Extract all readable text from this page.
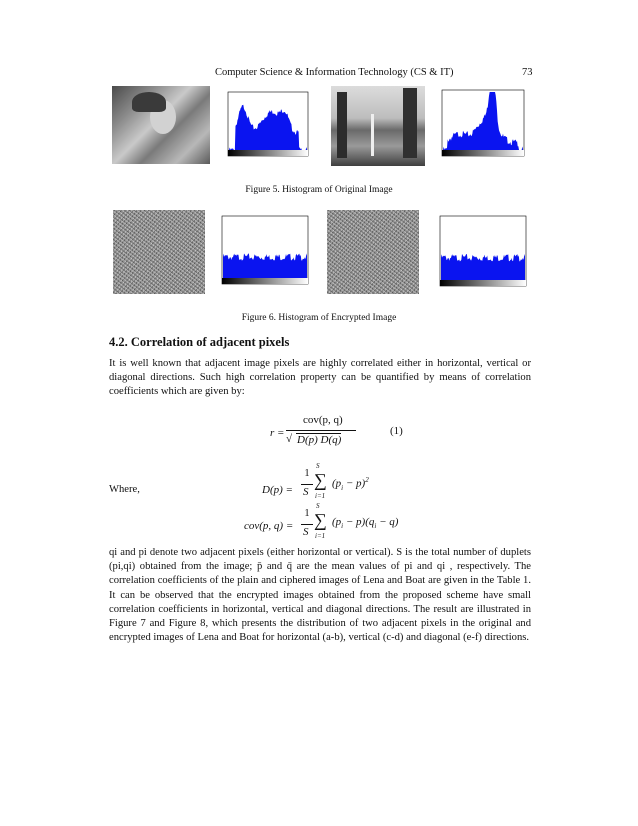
Computer Science & Information Technology (CS & IT)	73
Figure 5. Histogram of Original Image
Figure 6. Histogram of Encrypted Image
4.2. Correlation of adjacent pixels
It is well known that adjacent image pixels are highly correlated either in horizontal, vertical or diagonal directions. Such high correlation property can be quantified by means of correlation coefficients which are given by:
r =
cov(p, q)
√ D(p) D(q)
(1)
Where,	D(p) =
1
S
∑
S
i=1
$(p_i - p)^2$
cov(p, q) =
1
S
∑
S
i=1
$(p_i - p)(q_i - q)$
qi and pi denote two adjacent pixels (either horizontal or vertical). S is the total number of duplets (pi,qi) obtained from the image; p̄ and q̄ are the mean values of pi and qi , respectively. The correlation coefficients of the plain and ciphered images of Lena and Boat are given in the Table 1. It can be observed that the encrypted images obtained from the proposed scheme have small correlation coefficients in horizontal, vertical and diagonal directions. The result are illustrated in Figure 7 and Figure 8, which presents the distribution of two adjacent pixels in the original and encrypted images of Lena and Boat for horizontal (a-b), vertical (c-d) and diagonal (e-f) directions.
